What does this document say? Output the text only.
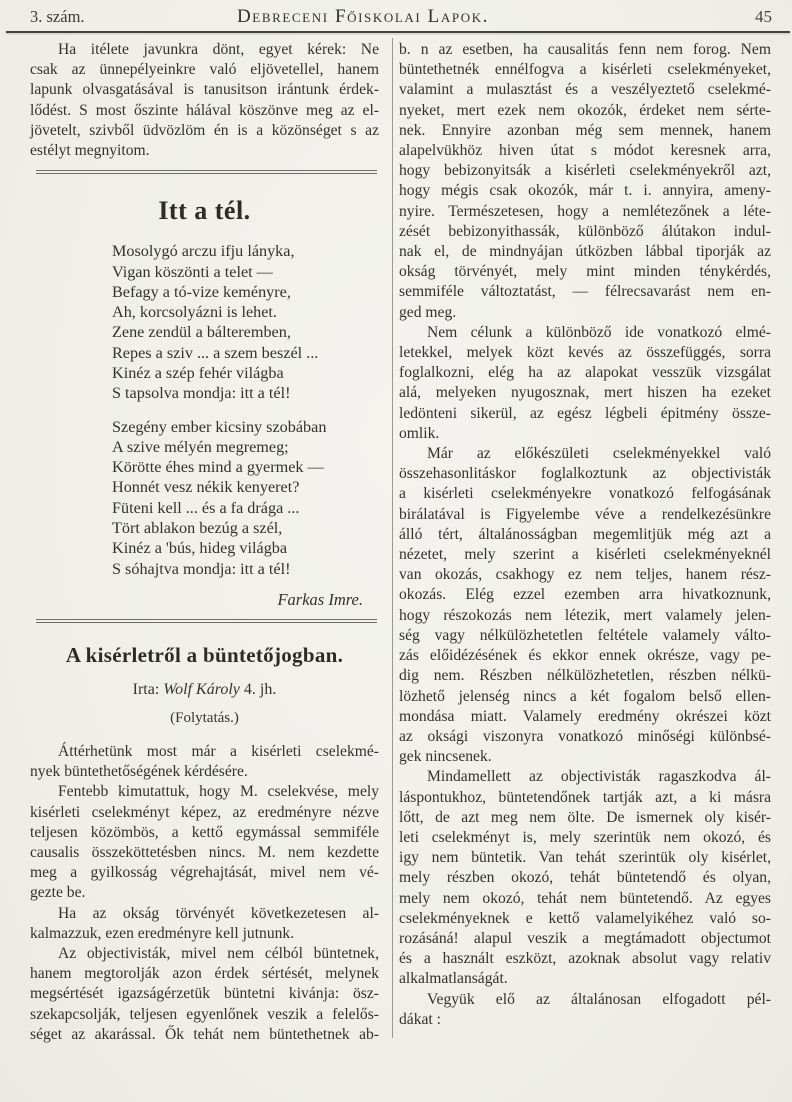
3. szám.	Debreceni Főiskolai Lapok.	45
Ha itélete javunkra dönt, egyet kérek: Ne
csak az ünnepélyeinkre való eljövetellel, hanem
lapunk olvasgatásával is tanusitson irántunk érdek-
lődést. S most őszinte hálával köszönve meg az el-
jövetelt, szivből üdvözlöm én is a közönséget s az
estélyt megnyitom.
Itt a tél.
Mosolygó arczu ifju lányka,
Vigan köszönti a telet —
Befagy a tó-vize keményre,
Ah, korcsolyázni is lehet.
Zene zendül a bálteremben,
Repes a sziv ... a szem beszél ...
Kinéz a szép fehér világba
S tapsolva mondja: itt a tél!
Szegény ember kicsiny szobában
A szive mélyén megremeg;
Körötte éhes mind a gyermek —
Honnét vesz nékik kenyeret?
Füteni kell ... és a fa drága ...
Tört ablakon bezúg a szél,
Kinéz a 'bús, hideg világba
S sóhajtva mondja: itt a tél!
Farkas Imre.
A kisérletről a büntetőjogban.
Irta: Wolf Károly 4. jh.
(Folytatás.)
Áttérhetünk most már a kisérleti cselekmé-
nyek büntethetőségének kérdésére.
Fentebb kimutattuk, hogy M. cselekvése, mely
kisérleti cselekményt képez, az eredményre nézve
teljesen közömbös, a kettő egymással semmiféle
causalis összeköttetésben nincs. M. nem kezdette
meg a gyilkosság végrehajtását, mivel nem vé-
gezte be.
Ha az okság törvényét következetesen al-
kalmazzuk, ezen eredményre kell jutnunk.
Az objectivisták, mivel nem célból büntetnek,
hanem megtorolják azon érdek sértését, melynek
megsértését igazságérzetük büntetni kivánja: ösz-
szekapcsolják, teljesen egyenlőnek veszik a felelős-
séget az akarással. Ők tehát nem büntethetnek ab-
b. n az esetben, ha causalitás fenn nem forog. Nem
büntethetnék ennélfogva a kisérleti cselekményeket,
valamint a mulasztást és a veszélyeztető cselekmé-
nyeket, mert ezek nem okozók, érdeket nem sérte-
nek. Ennyire azonban még sem mennek, hanem
alapelvükhöz hiven útat s módot keresnek arra,
hogy bebizonyitsák a kisérleti cselekményekről azt,
hogy mégis csak okozók, már t. i. annyira, ameny-
nyire. Természetesen, hogy a nemlétezőnek a léte-
zését bebizonyithassák, különböző álútakon indul-
nak el, de mindnyájan útközben lábbal tiporják az
okság törvényét, mely mint minden ténykérdés,
semmiféle változtatást, — félrecsavarást nem en-
ged meg.
Nem célunk a különböző ide vonatkozó elmé-
letekkel, melyek közt kevés az összefüggés, sorra
foglalkozni, elég ha az alapokat vesszük vizsgálat
alá, melyeken nyugosznak, mert hiszen ha ezeket
ledönteni sikerül, az egész légbeli épitmény össze-
omlik.
Már az előkészületi cselekményekkel való
összehasonlitáskor foglalkoztunk az objectivisták
a kisérleti cselekményekre vonatkozó felfogásának
birálatával is Figyelembe véve a rendelkezésünkre
álló tért, általánosságban megemlitjük még azt a
nézetet, mely szerint a kisérleti cselekményeknél
van okozás, csakhogy ez nem teljes, hanem rész-
okozás. Elég ezzel ezemben arra hivatkoznunk,
hogy részokozás nem létezik, mert valamely jelen-
ség vagy nélkülözhetetlen feltétele valamely válto-
zás előidézésének és ekkor ennek okrésze, vagy pe-
dig nem. Részben nélkülözhetetlen, részben nélkü-
lözhető jelenség nincs a két fogalom belső ellen-
mondása miatt. Valamely eredmény okrészei közt
az oksági viszonyra vonatkozó minőségi különbsé-
gek nincsenek.
Mindamellett az objectivisták ragaszkodva ál-
láspontukhoz, büntetendőnek tartják azt, a ki másra
lőtt, de azt meg nem ölte. De ismernek oly kisér-
leti cselekményt is, mely szerintük nem okozó, és
igy nem büntetik. Van tehát szerintük oly kisérlet,
mely részben okozó, tehát büntetendő és olyan,
mely nem okozó, tehát nem büntetendő. Az egyes
cselekményeknek e kettő valamelyikéhez való so-
rozásáná! alapul veszik a megtámadott objectumot
és a használt eszközt, azoknak absolut vagy relativ
alkalmatlanságát.
Vegyük elő az általánosan elfogadott pél-
dákat :
